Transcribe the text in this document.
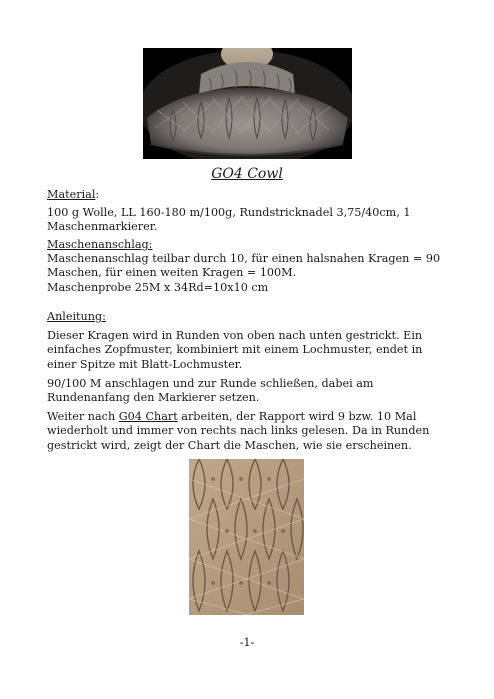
GO4 Cowl
Material:
100 g Wolle, LL 160-180 m/100g, Rundstricknadel 3,75/40cm, 1 Maschenmarkierer.
Maschenanschlag:
Maschenanschlag teilbar durch 10, für einen halsnahen Kragen = 90 Maschen, für einen weiten Kragen = 100M.
Maschenprobe 25M x 34Rd=10x10 cm
Anleitung:
Dieser Kragen wird in Runden von oben nach unten gestrickt. Ein einfaches Zopfmuster, kombiniert mit einem Lochmuster, endet in einer Spitze mit Blatt-Lochmuster.
90/100 M anschlagen und zur Runde schließen, dabei am Rundenanfang den Markierer setzen.
Weiter nach G04 Chart arbeiten, der Rapport wird 9 bzw. 10 Mal wiederholt und immer von rechts nach links gelesen. Da in Runden gestrickt wird, zeigt der Chart die Maschen, wie sie erscheinen.
-1-
